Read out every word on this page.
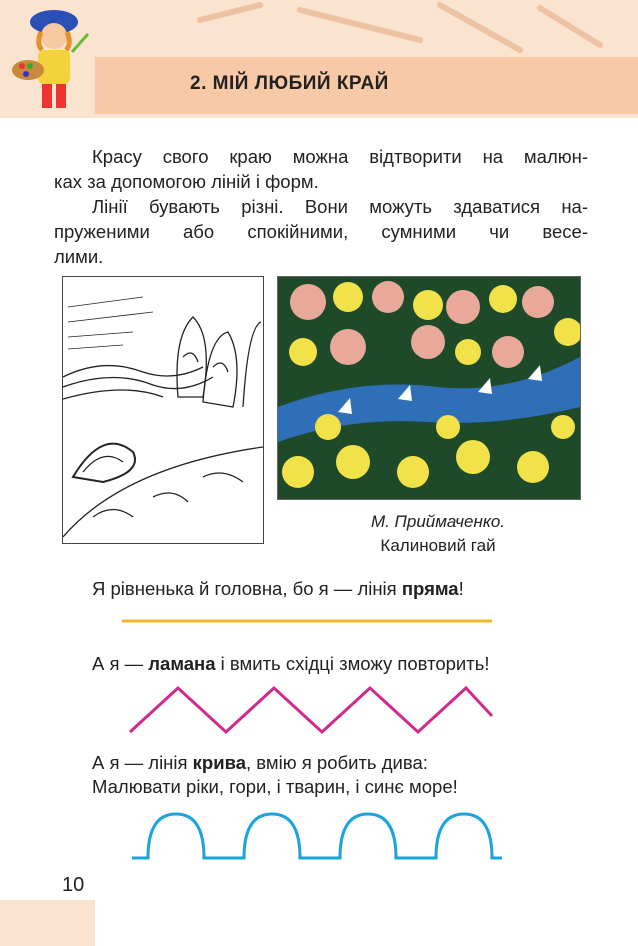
2. МІЙ ЛЮБИЙ КРАЙ
Красу свого краю можна відтворити на малюн-
ках за допомогою ліній і форм.
Лінії бувають різні. Вони можуть здаватися на-
пруженими або спокійними, сумними чи весе-
лими.
М. Приймаченко.
Калиновий гай
Я рівненька й головна, бо я — лінія пряма!
А я — ламана і вмить східці зможу повторить!
А я — лінія крива, вмію я робить дива:
Малювати ріки, гори, і тварин, і синє море!
10
